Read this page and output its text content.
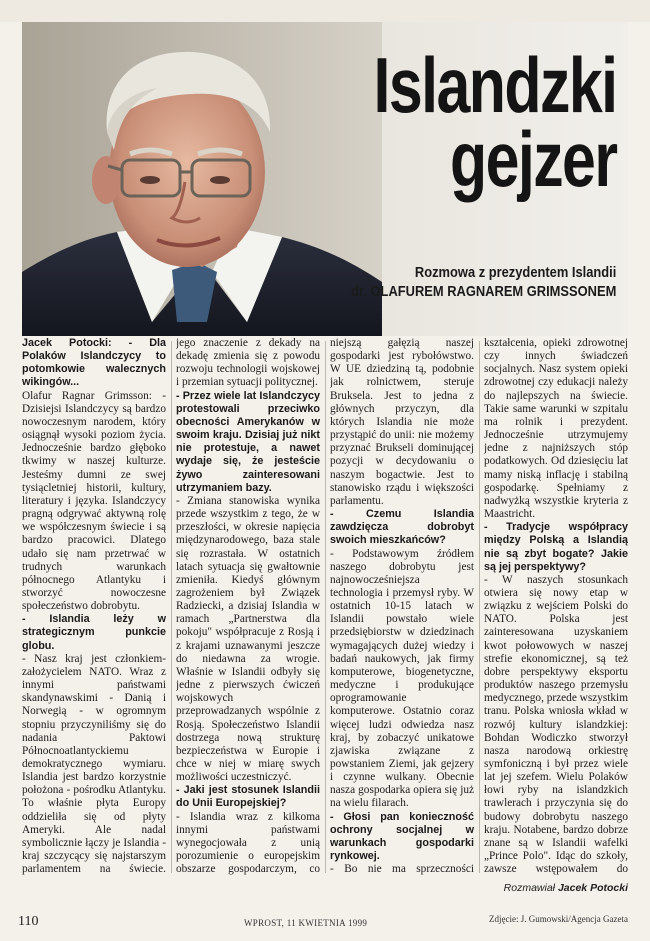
Islandzki
gejzer
Rozmowa z prezydentem Islandii
dr. OLAFUREM RAGNAREM GRIMSSONEM

Jacek Potocki: - Dla Polaków Islandczycy to potomkowie walecznych wikingów...

Olafur Ragnar Grimsson: - Dzisiejsi Islandczycy są bardzo nowoczesnym narodem, który osiągnął wysoki poziom życia. Jednocześnie bardzo głęboko tkwimy w naszej kulturze. Jesteśmy dumni ze swej tysiącletniej historii, kultury, literatury i języka. Islandczycy pragną odgrywać aktywną rolę we współczesnym świecie i są bardzo pracowici. Dlatego udało się nam przetrwać w trudnych warunkach północnego Atlantyku i stworzyć nowoczesne społeczeństwo dobrobytu.

- Islandia leży w strategicznym punkcie globu.

- Nasz kraj jest członkiem-założycielem NATO. Wraz z innymi państwami skandynawskimi - Danią i Norwegią - w ogromnym stopniu przyczyniliśmy się do nadania Paktowi Północnoatlantyckiemu demokratycznego wymiaru. Islandia jest bardzo korzystnie położona - pośrodku Atlantyku. To właśnie płyta Europy oddzieliła się od płyty Ameryki. Ale nadal symbolicznie łączy je Islandia - kraj szczycący się najstarszym parlamentem na świecie.

jego znaczenie z dekady na dekadę zmienia się z powodu rozwoju technologii wojskowej i przemian sytuacji politycznej.

- Przez wiele lat Islandczycy protestowali przeciwko obecności Amerykanów w swoim kraju. Dzisiaj już nikt nie protestuje, a nawet wydaje się, że jesteście żywo zainteresowani utrzymaniem bazy.

- Zmiana stanowiska wynika przede wszystkim z tego, że w przeszłości, w okresie napięcia międzynarodowego, baza stale się rozrastała. W ostatnich latach sytuacja się gwałtownie zmieniła. Kiedyś głównym zagrożeniem był Związek Radziecki, a dzisiaj Islandia w ramach „Partnerstwa dla pokoju" współpracuje z Rosją i z krajami uznawanymi jeszcze do niedawna za wrogie. Właśnie w Islandii odbyły się jedne z pierwszych ćwiczeń wojskowych przeprowadzanych wspólnie z Rosją. Społeczeństwo Islandii dostrzega nową strukturę bezpieczeństwa w Europie i chce w niej w miarę swych możliwości uczestniczyć.

- Jaki jest stosunek Islandii do Unii Europejskiej?

- Islandia wraz z kilkoma innymi państwami wynegocjowała z unią porozumienie o europejskim obszarze gospodarczym, co

niejszą gałęzią naszej gospodarki jest rybołówstwo. W UE dziedziną tą, podobnie jak rolnictwem, steruje Bruksela. Jest to jedna z głównych przyczyn, dla których Islandia nie może przystąpić do unii: nie możemy przyznać Brukseli dominującej pozycji w decydowaniu o naszym bogactwie. Jest to stanowisko rządu i większości parlamentu.

- Czemu Islandia zawdzięcza dobrobyt swoich mieszkańców?

- Podstawowym źródłem naszego dobrobytu jest najnowocześniejsza technologia i przemysł ryby. W ostatnich 10-15 latach w Islandii powstało wiele przedsiębiorstw w dziedzinach wymagających dużej wiedzy i badań naukowych, jak firmy komputerowe, biogenetyczne, medyczne i produkujące oprogramowanie komputerowe. Ostatnio coraz więcej ludzi odwiedza nasz kraj, by zobaczyć unikatowe zjawiska związane z powstaniem Ziemi, jak gejzery i czynne wulkany. Obecnie nasza gospodarka opiera się już na wielu filarach.

- Głosi pan konieczność ochrony socjalnej w warunkach gospodarki rynkowej.

- Bo nie ma sprzeczności

kształcenia, opieki zdrowotnej czy innych świadczeń socjalnych. Nasz system opieki zdrowotnej czy edukacji należy do najlepszych na świecie. Takie same warunki w szpitalu ma rolnik i prezydent. Jednocześnie utrzymujemy jedne z najniższych stóp podatkowych. Od dziesięciu lat mamy niską inflację i stabilną gospodarkę. Spełniamy z nadwyżką wszystkie kryteria z Maastricht.

- Tradycje współpracy między Polską a Islandią nie są zbyt bogate? Jakie są jej perspektywy?

- W naszych stosunkach otwiera się nowy etap w związku z wejściem Polski do NATO. Polska jest zainteresowana uzyskaniem kwot połowowych w naszej strefie ekonomicznej, są też dobre perspektywy eksportu produktów naszego przemysłu medycznego, przede wszystkim tranu. Polska wniosła wkład w rozwój kultury islandzkiej: Bohdan Wodiczko stworzył nasza narodową orkiestrę symfoniczną i był przez wiele lat jej szefem. Wielu Polaków łowi ryby na islandzkich trawlerach i przyczynia się do budowy dobrobytu naszego kraju. Notabene, bardzo dobrze znane są w Islandii wafelki „Prince Polo". Idąc do szkoły, zawsze wstępowałem do

Rozmawiał Jacek Potocki
110	WPROST, 11 KWIETNIA 1999	Zdjęcie: J. Gumowski/Agencja Gazeta
